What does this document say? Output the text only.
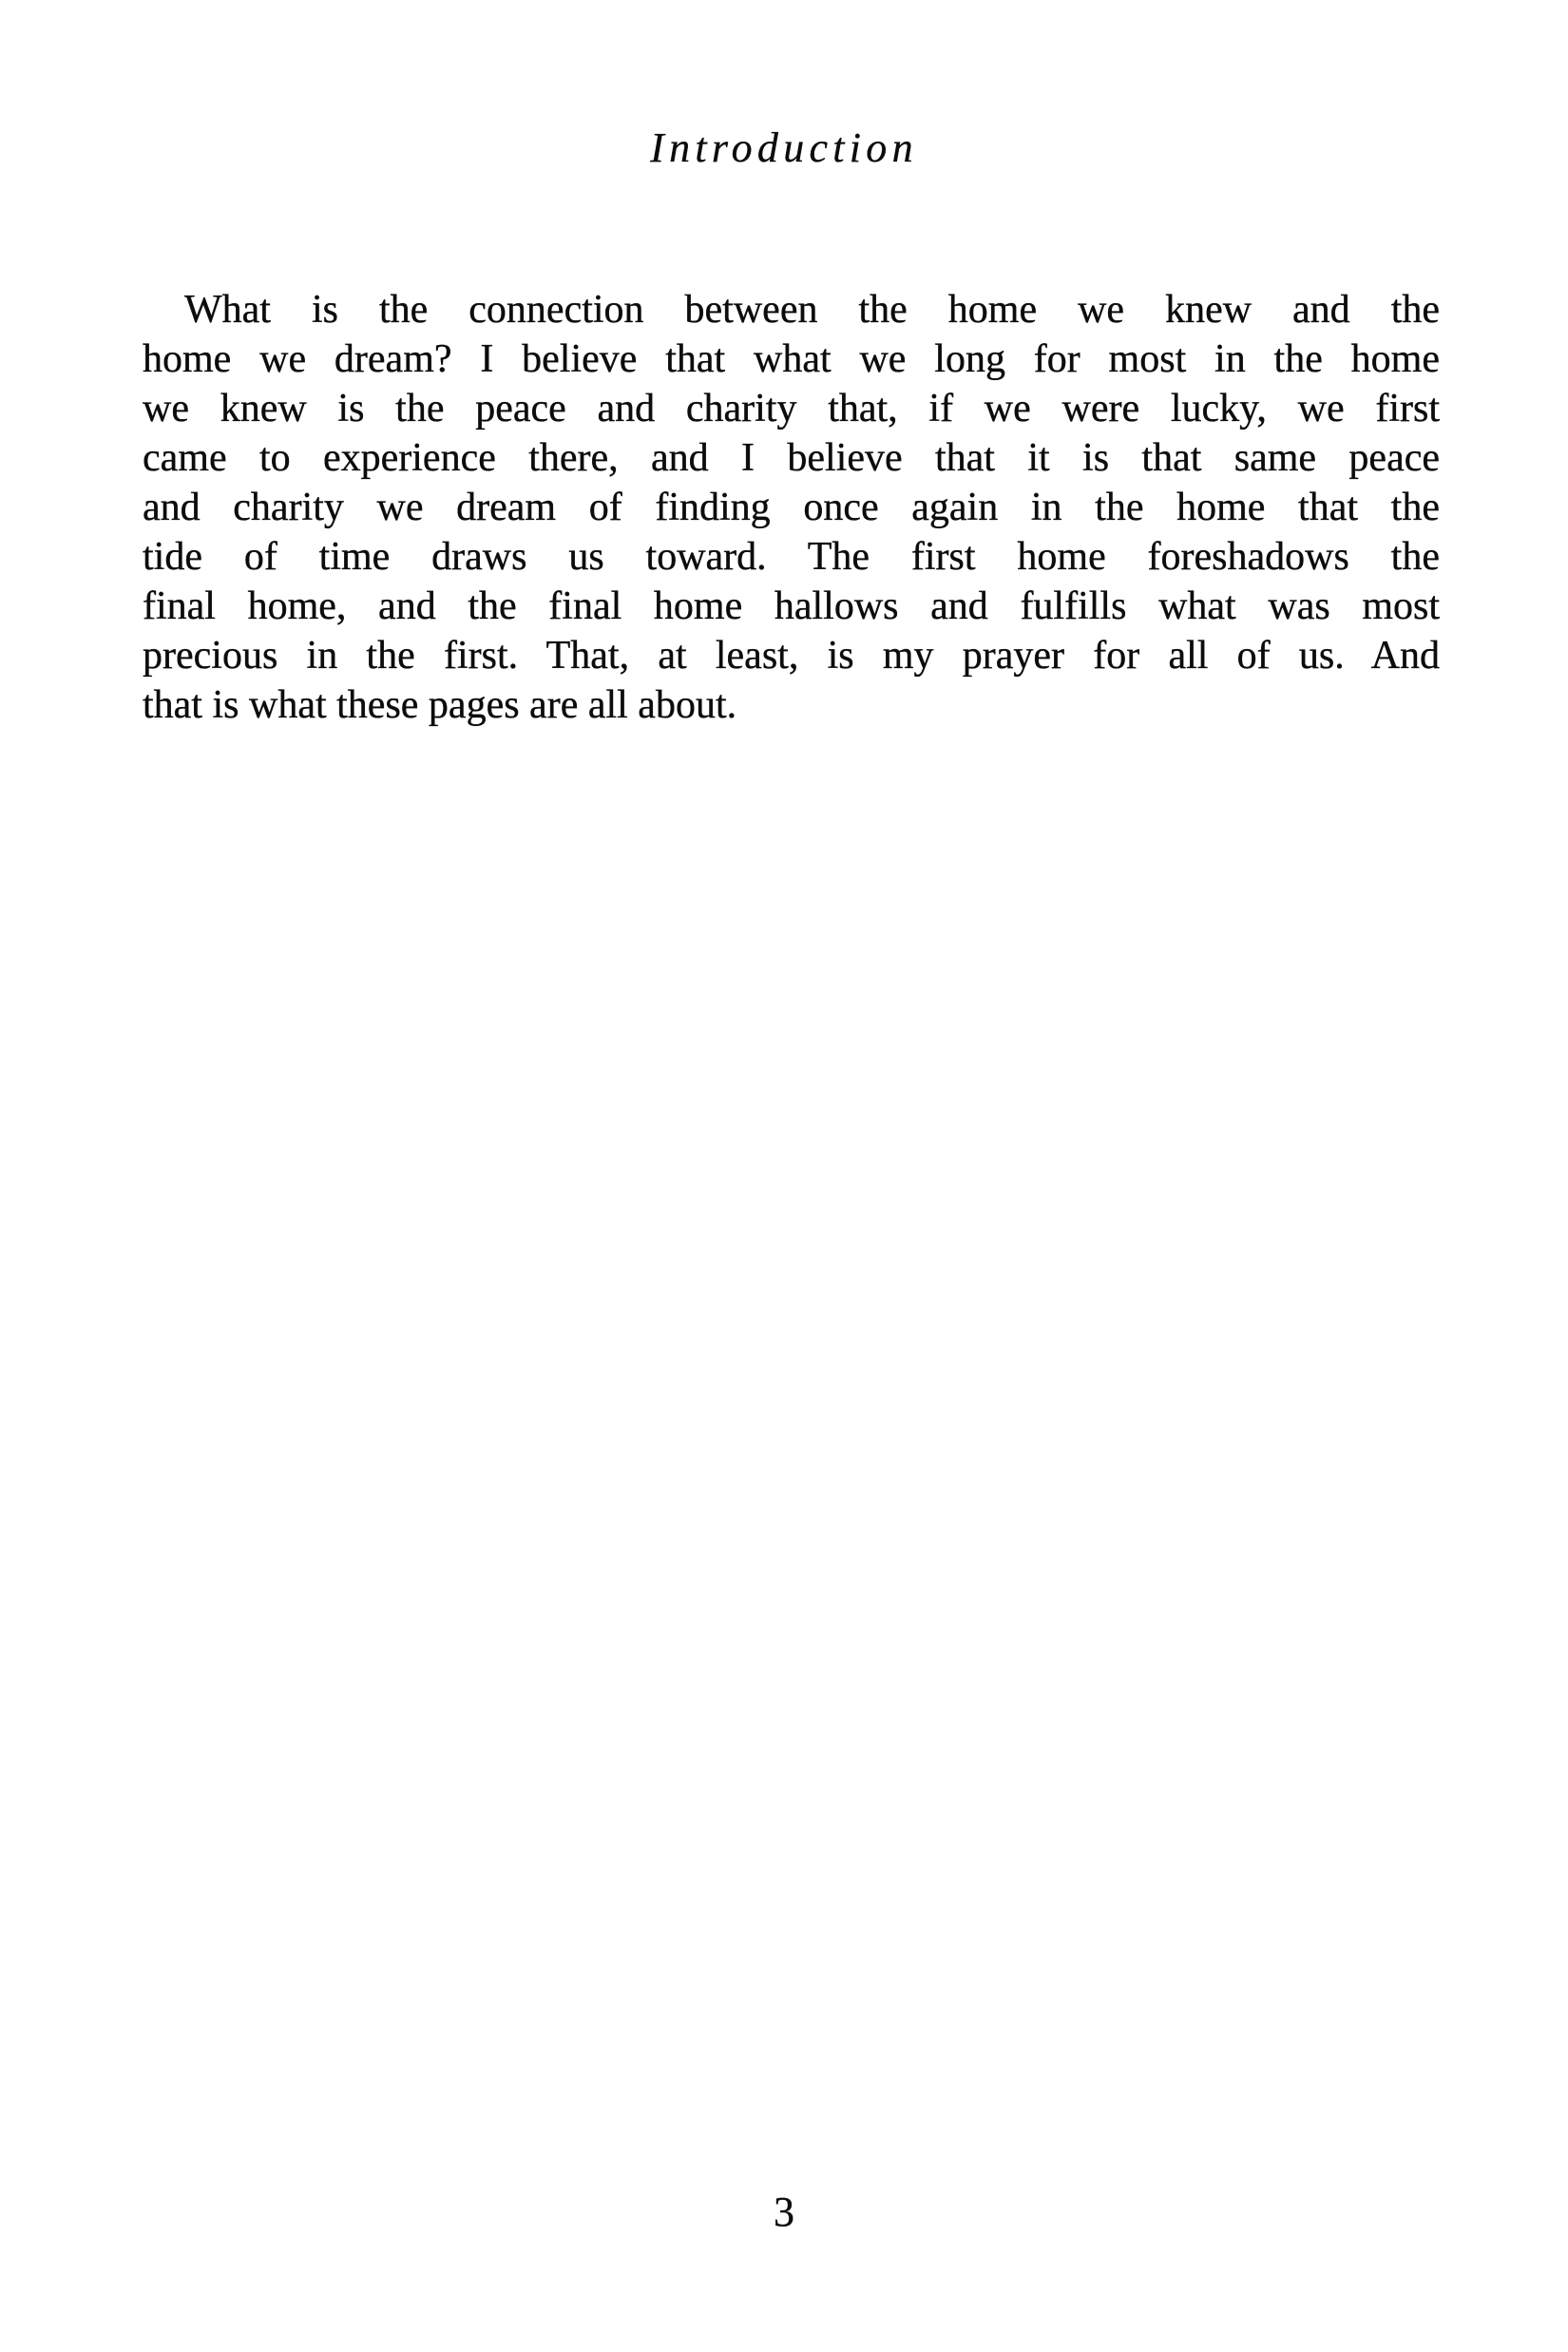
Introduction
What is the connection between the home we knew and the
home we dream? I believe that what we long for most in the home
we knew is the peace and charity that, if we were lucky, we first
came to experience there, and I believe that it is that same peace
and charity we dream of finding once again in the home that the
tide of time draws us toward. The first home foreshadows the
final home, and the final home hallows and fulfills what was most
precious in the first. That, at least, is my prayer for all of us. And
that is what these pages are all about.
3
